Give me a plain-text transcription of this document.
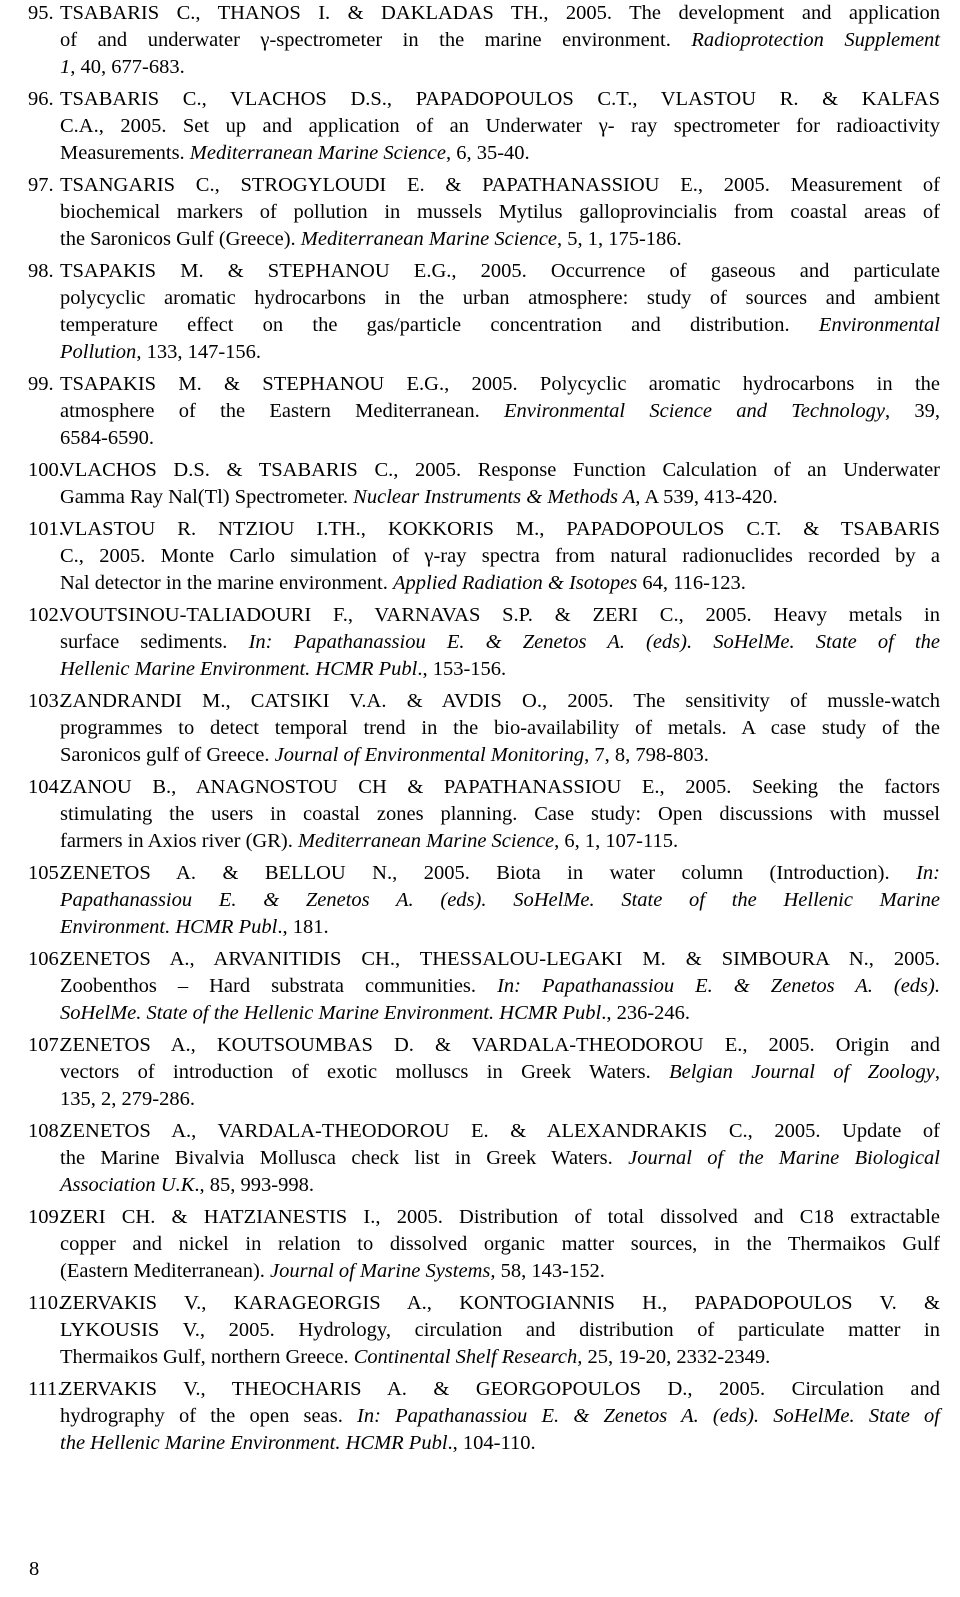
95. TSABARIS C., THANOS I. & DAKLADAS TH., 2005. The development and application
of and underwater γ-spectrometer in the marine environment. Radioprotection Supplement
1, 40, 677-683.
96. TSABARIS C., VLACHOS D.S., PAPADOPOULOS C.T., VLASTOU R. & KALFAS
C.A., 2005. Set up and application of an Underwater γ- ray spectrometer for radioactivity
Measurements. Mediterranean Marine Science, 6, 35-40.
97. TSANGARIS C., STROGYLOUDI E. & PAPATHANASSIOU E., 2005. Measurement of
biochemical markers of pollution in mussels Mytilus galloprovincialis from coastal areas of
the Saronicos Gulf (Greece). Mediterranean Marine Science, 5, 1, 175-186.
98. TSAPAKIS M. & STEPHANOU E.G., 2005. Occurrence of gaseous and particulate
polycyclic aromatic hydrocarbons in the urban atmosphere: study of sources and ambient
temperature effect on the gas/particle concentration and distribution. Environmental
Pollution, 133, 147-156.
99. TSAPAKIS M. & STEPHANOU E.G., 2005. Polycyclic aromatic hydrocarbons in the
atmosphere of the Eastern Mediterranean. Environmental Science and Technology, 39,
6584-6590.
100.
VLACHOS D.S. & TSABARIS C., 2005. Response Function Calculation of an Underwater
Gamma Ray Nal(Tl) Spectrometer. Nuclear Instruments & Methods A, A 539, 413-420.
101.
VLASTOU R. NTZIOU I.TH., KOKKORIS M., PAPADOPOULOS C.T. & TSABARIS
C., 2005. Monte Carlo simulation of γ-ray spectra from natural radionuclides recorded by a
Nal detector in the marine environment. Applied Radiation & Isotopes 64, 116-123.
102.
VOUTSINOU-TALIADOURI F., VARNAVAS S.P. & ZERI C., 2005. Heavy metals in
surface sediments. In: Papathanassiou E. & Zenetos A. (eds). SoHelMe. State of the
Hellenic Marine Environment. HCMR Publ., 153-156.
103.
ZANDRANDI M., CATSIKI V.A. & AVDIS O., 2005. The sensitivity of mussle-watch
programmes to detect temporal trend in the bio-availability of metals. A case study of the
Saronicos gulf of Greece. Journal of Environmental Monitoring, 7, 8, 798-803.
104.
ZANOU B., ANAGNOSTOU CH & PAPATHANASSIOU E., 2005. Seeking the factors
stimulating the users in coastal zones planning. Case study: Open discussions with mussel
farmers in Axios river (GR). Mediterranean Marine Science, 6, 1, 107-115.
105.
ZENETOS A. & BELLOU N., 2005. Biota in water column (Introduction). In:
Papathanassiou E. & Zenetos A. (eds). SoHelMe. State of the Hellenic Marine
Environment. HCMR Publ., 181.
106.
ZENETOS A., ARVANITIDIS CH., THESSALOU-LEGAKI M. & SIMBOURA N., 2005.
Zoobenthos – Hard substrata communities. In: Papathanassiou E. & Zenetos A. (eds).
SoHelMe. State of the Hellenic Marine Environment. HCMR Publ., 236-246.
107.
ZENETOS A., KOUTSOUMBAS D. & VARDALA-THEODOROU E., 2005. Origin and
vectors of introduction of exotic molluscs in Greek Waters. Belgian Journal of Zoology,
135, 2, 279-286.
108.
ZENETOS A., VARDALA-THEODOROU E. & ALEXANDRAKIS C., 2005. Update of
the Marine Bivalvia Mollusca check list in Greek Waters. Journal of the Marine Biological
Association U.K., 85, 993-998.
109.
ZERI CH. & HATZIANESTIS I., 2005. Distribution of total dissolved and C18 extractable
copper and nickel in relation to dissolved organic matter sources, in the Thermaikos Gulf
(Eastern Mediterranean). Journal of Marine Systems, 58, 143-152.
110.
ZERVAKIS V., KARAGEORGIS A., KONTOGIANNIS H., PAPADOPOULOS V. &
LYKOUSIS V., 2005. Hydrology, circulation and distribution of particulate matter in
Thermaikos Gulf, northern Greece. Continental Shelf Research, 25, 19-20, 2332-2349.
111.
ZERVAKIS V., THEOCHARIS A. & GEORGOPOULOS D., 2005. Circulation and
hydrography of the open seas. In: Papathanassiou E. & Zenetos A. (eds). SoHelMe. State of
the Hellenic Marine Environment. HCMR Publ., 104-110.
8
